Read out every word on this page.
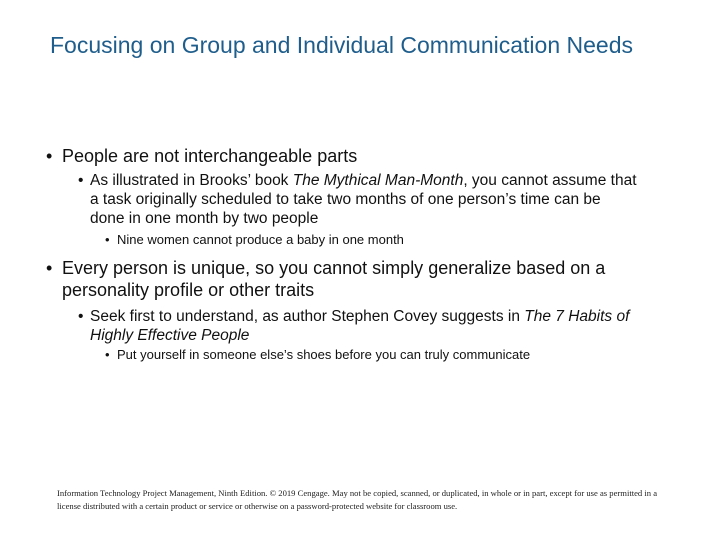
Focusing on Group and Individual Communication Needs
• People are not interchangeable parts
• As illustrated in Brooks’ book The Mythical Man-Month, you cannot assume that a task originally scheduled to take two months of one person’s time can be done in one month by two people
• Nine women cannot produce a baby in one month
• Every person is unique, so you cannot simply generalize based on a personality profile or other traits
• Seek first to understand, as author Stephen Covey suggests in The 7 Habits of Highly Effective People
• Put yourself in someone else’s shoes before you can truly communicate
Information Technology Project Management, Ninth Edition. © 2019 Cengage. May not be copied, scanned, or duplicated, in whole or in part, except for use as permitted in a license distributed with a certain product or service or otherwise on a password-protected website for classroom use.
